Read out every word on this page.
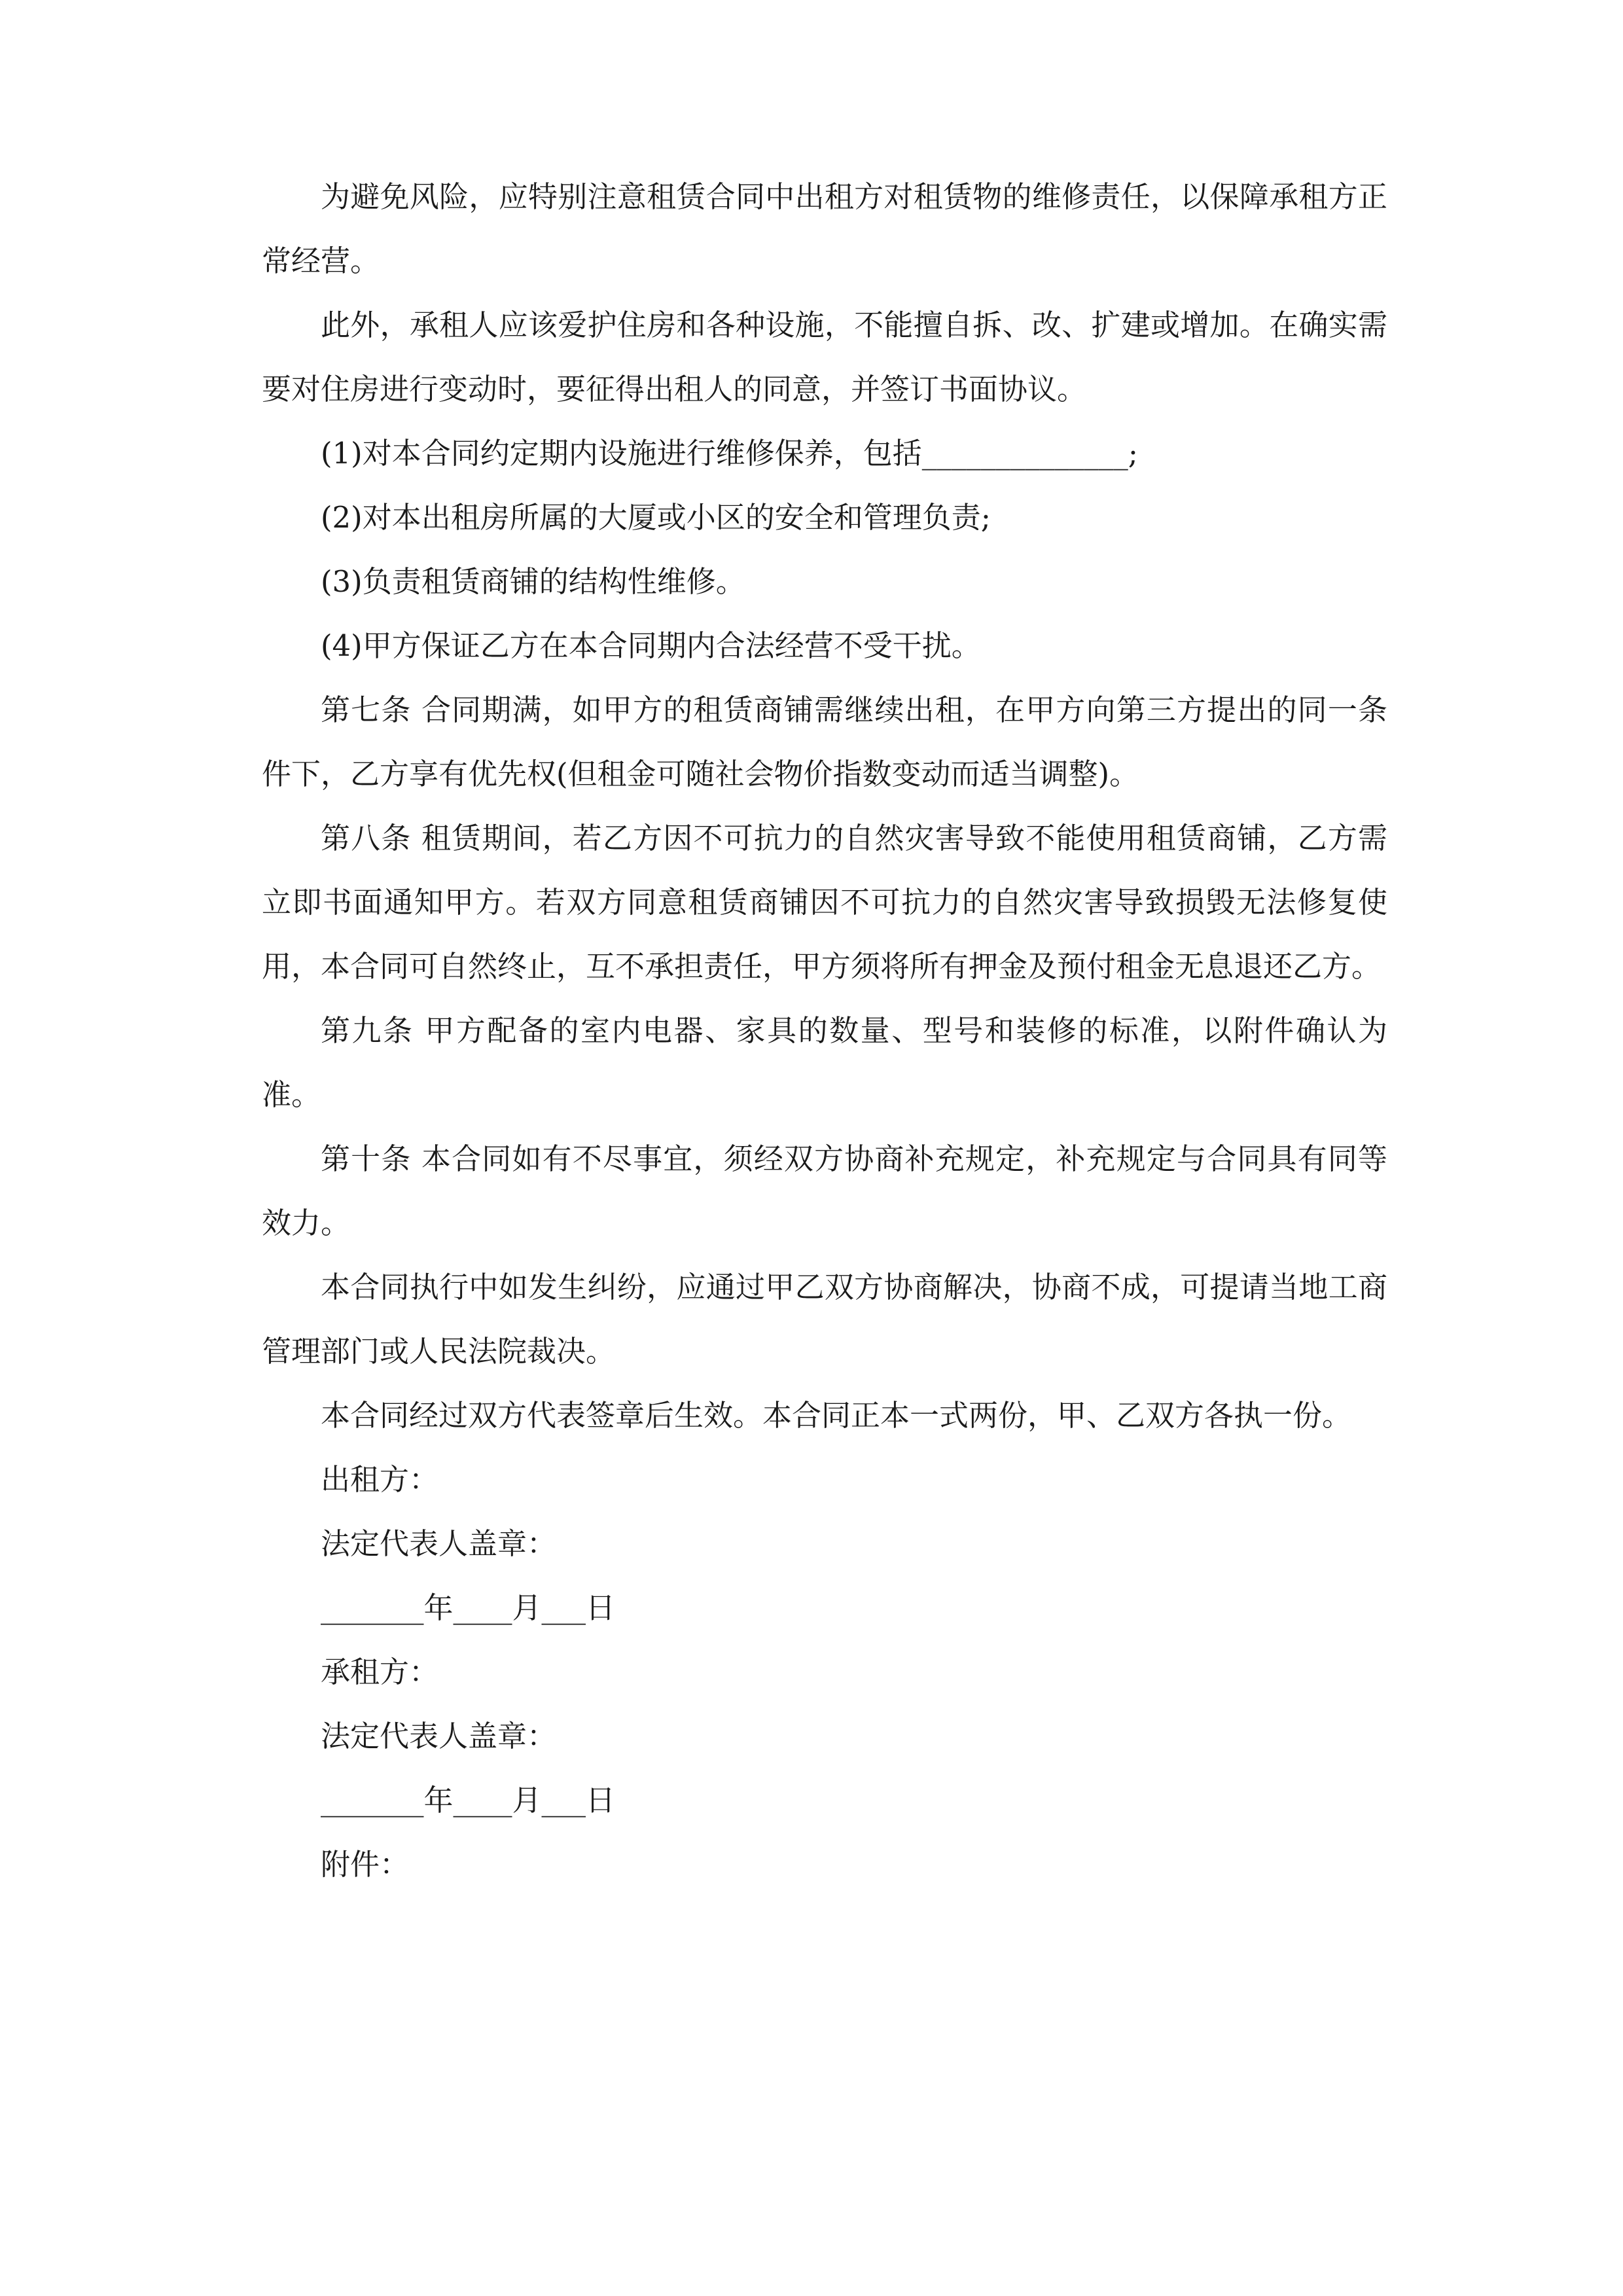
为避免风险，应特别注意租赁合同中出租方对租赁物的维修责任，以保障承租方正常经营。

此外，承租人应该爱护住房和各种设施，不能擅自拆、改、扩建或增加。在确实需要对住房进行变动时，要征得出租人的同意，并签订书面协议。

(1)对本合同约定期内设施进行维修保养，包括______________;

(2)对本出租房所属的大厦或小区的安全和管理负责;

(3)负责租赁商铺的结构性维修。

(4)甲方保证乙方在本合同期内合法经营不受干扰。

第七条 合同期满，如甲方的租赁商铺需继续出租，在甲方向第三方提出的同一条件下，乙方享有优先权(但租金可随社会物价指数变动而适当调整)。

第八条 租赁期间，若乙方因不可抗力的自然灾害导致不能使用租赁商铺，乙方需立即书面通知甲方。若双方同意租赁商铺因不可抗力的自然灾害导致损毁无法修复使用，本合同可自然终止，互不承担责任，甲方须将所有押金及预付租金无息退还乙方。

第九条 甲方配备的室内电器、家具的数量、型号和装修的标准，以附件确认为准。

第十条 本合同如有不尽事宜，须经双方协商补充规定，补充规定与合同具有同等效力。

本合同执行中如发生纠纷，应通过甲乙双方协商解决，协商不成，可提请当地工商管理部门或人民法院裁决。

本合同经过双方代表签章后生效。本合同正本一式两份，甲、乙双方各执一份。

出租方：

法定代表人盖章：

_______年____月___日

承租方：

法定代表人盖章：

_______年____月___日

附件：
